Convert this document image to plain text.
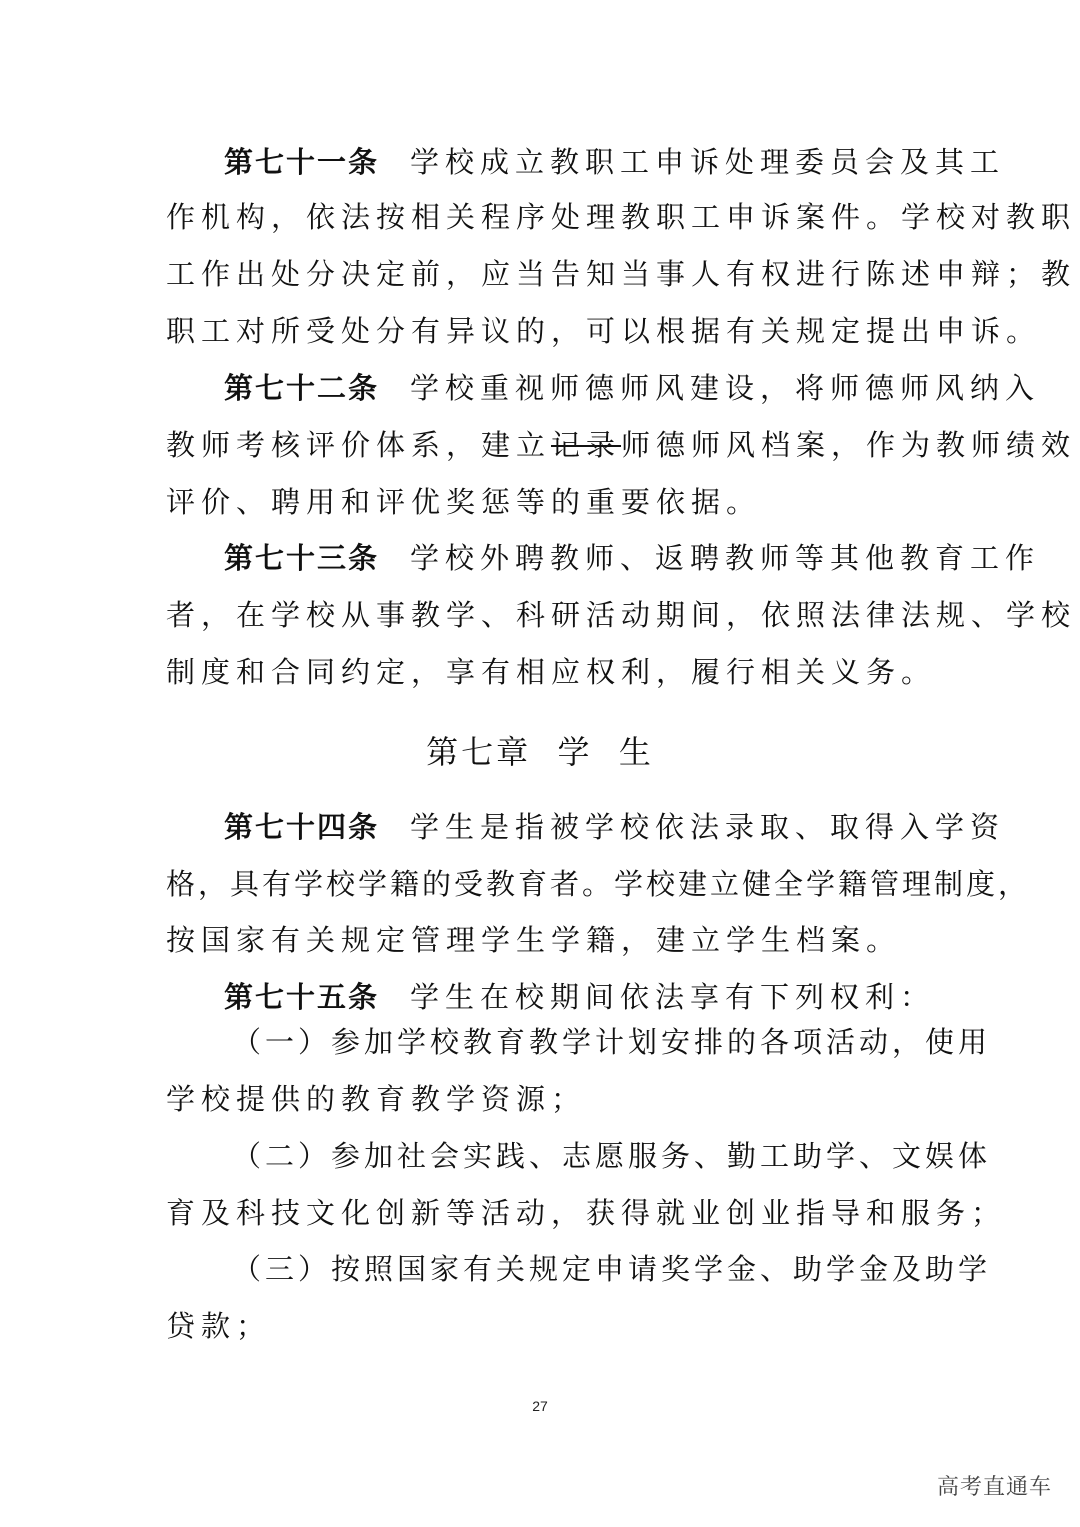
第七十一条 学校成立教职工申诉处理委员会及其工
作机构，依法按相关程序处理教职工申诉案件。学校对教职
工作出处分决定前，应当告知当事人有权进行陈述申辩；教
职工对所受处分有异议的，可以根据有关规定提出申诉。
第七十二条 学校重视师德师风建设，将师德师风纳入
教师考核评价体系，建立记录师德师风档案，作为教师绩效
评价、聘用和评优奖惩等的重要依据。
第七十三条 学校外聘教师、返聘教师等其他教育工作
者，在学校从事教学、科研活动期间，依照法律法规、学校
制度和合同约定，享有相应权利，履行相关义务。
第七章  学  生
第七十四条 学生是指被学校依法录取、取得入学资
格，具有学校学籍的受教育者。学校建立健全学籍管理制度，
按国家有关规定管理学生学籍，建立学生档案。
第七十五条 学生在校期间依法享有下列权利：
（一）参加学校教育教学计划安排的各项活动，使用
学校提供的教育教学资源；
（二）参加社会实践、志愿服务、勤工助学、文娱体
育及科技文化创新等活动，获得就业创业指导和服务；
（三）按照国家有关规定申请奖学金、助学金及助学
贷款；
27
高考直通车
